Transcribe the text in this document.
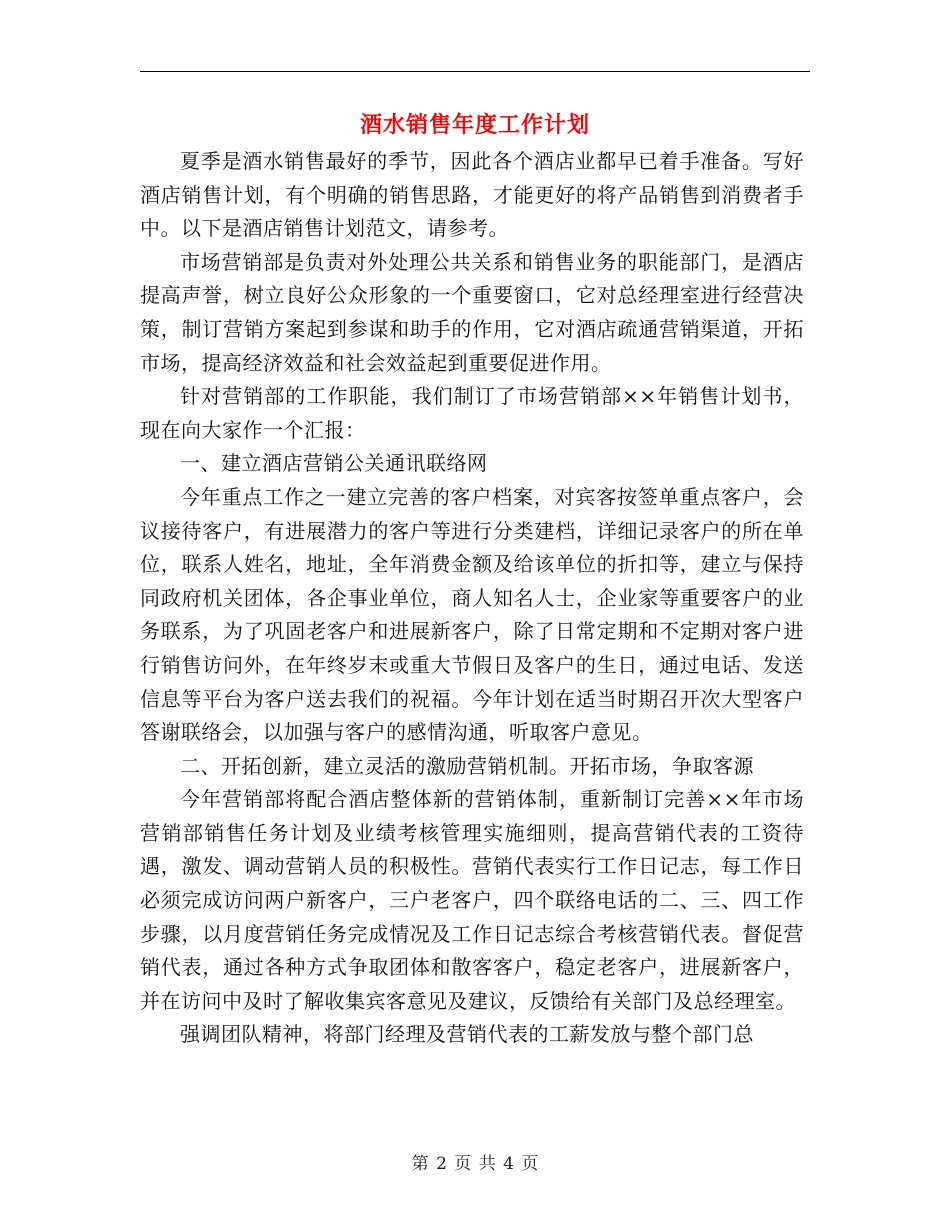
酒水销售年度工作计划

夏季是酒水销售最好的季节，因此各个酒店业都早已着手准备。写好酒店销售计划，有个明确的销售思路，才能更好的将产品销售到消费者手中。以下是酒店销售计划范文，请参考。

市场营销部是负责对外处理公共关系和销售业务的职能部门，是酒店提高声誉，树立良好公众形象的一个重要窗口，它对总经理室进行经营决策，制订营销方案起到参谋和助手的作用，它对酒店疏通营销渠道，开拓市场，提高经济效益和社会效益起到重要促进作用。

针对营销部的工作职能，我们制订了市场营销部××年销售计划书，现在向大家作一个汇报：

一、建立酒店营销公关通讯联络网

今年重点工作之一建立完善的客户档案，对宾客按签单重点客户，会议接待客户，有进展潜力的客户等进行分类建档，详细记录客户的所在单位，联系人姓名，地址，全年消费金额及给该单位的折扣等，建立与保持同政府机关团体，各企事业单位，商人知名人士，企业家等重要客户的业务联系，为了巩固老客户和进展新客户，除了日常定期和不定期对客户进行销售访问外，在年终岁末或重大节假日及客户的生日，通过电话、发送信息等平台为客户送去我们的祝福。今年计划在适当时期召开次大型客户答谢联络会，以加强与客户的感情沟通，听取客户意见。

二、开拓创新，建立灵活的激励营销机制。开拓市场，争取客源

今年营销部将配合酒店整体新的营销体制，重新制订完善××年市场营销部销售任务计划及业绩考核管理实施细则，提高营销代表的工资待遇，激发、调动营销人员的积极性。营销代表实行工作日记志，每工作日必须完成访问两户新客户，三户老客户，四个联络电话的二、三、四工作步骤，以月度营销任务完成情况及工作日记志综合考核营销代表。督促营销代表，通过各种方式争取团体和散客客户，稳定老客户，进展新客户，并在访问中及时了解收集宾客意见及建议，反馈给有关部门及总经理室。

强调团队精神，将部门经理及营销代表的工薪发放与整个部门总

第 2 页 共 4 页
